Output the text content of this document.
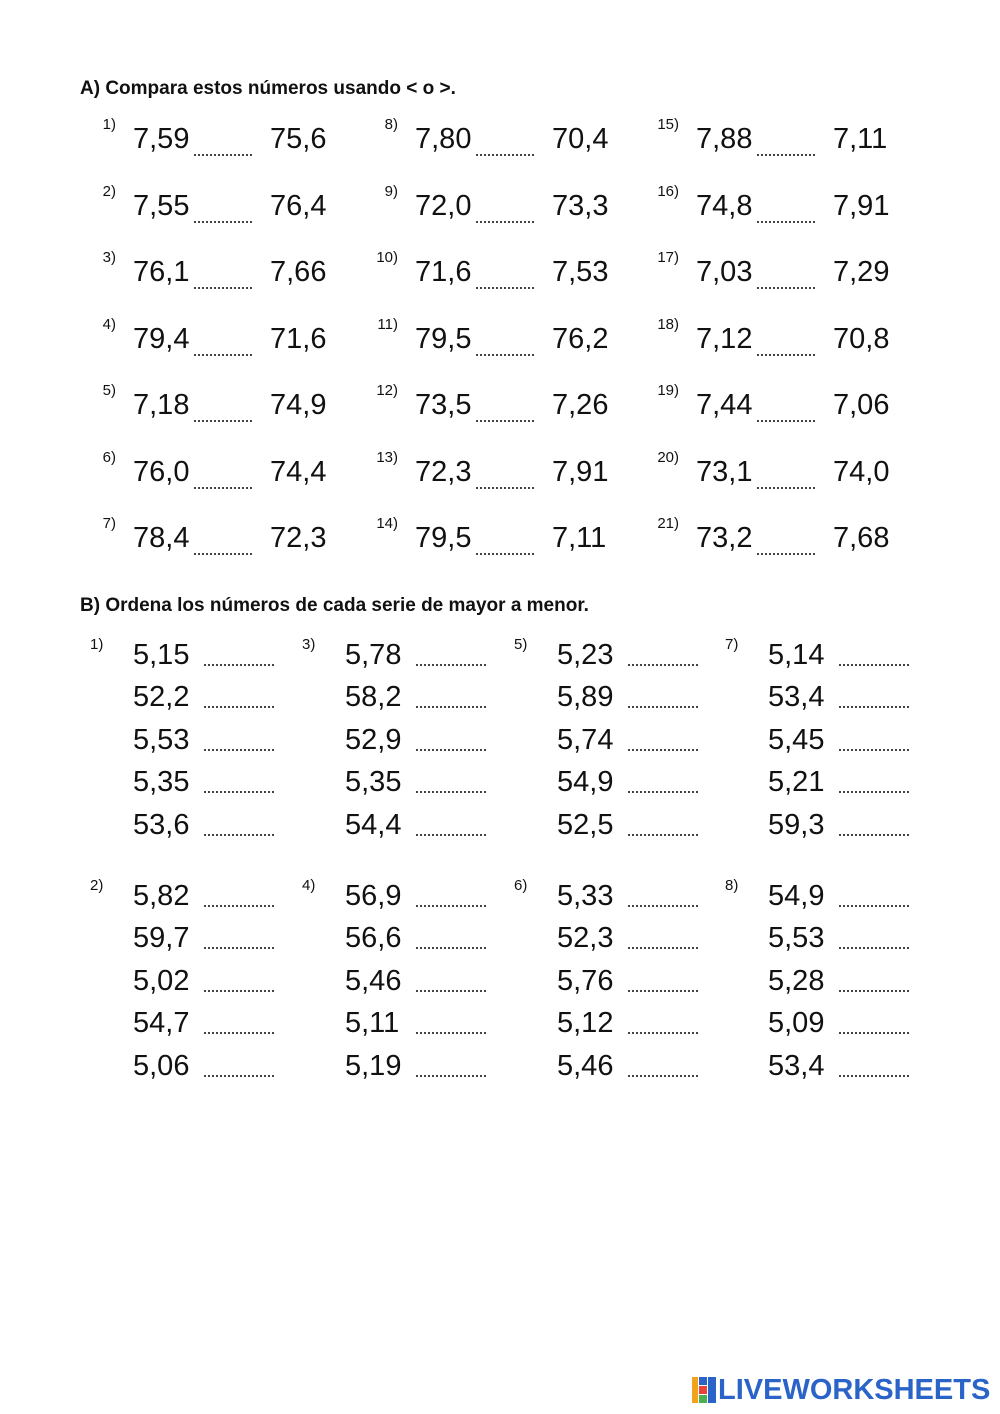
A) Compara estos números usando < o >.
1) 7,59	75,6
2) 7,55	76,4
3) 76,1	7,66
4) 79,4	71,6
5) 7,18	74,9
6) 76,0	74,4
7) 78,4	72,3
8) 7,80	70,4
9) 72,0	73,3
10) 71,6	7,53
11) 79,5	76,2
12) 73,5	7,26
13) 72,3	7,91
14) 79,5	7,11
15) 7,88	7,11
16) 74,8	7,91
17) 7,03	7,29
18) 7,12	70,8
19) 7,44	7,06
20) 73,1	74,0
21) 73,2	7,68
B) Ordena los números de cada serie de mayor a menor.
1) 5,15
52,2
5,53
5,35
53,6
3) 5,78
58,2
52,9
5,35
54,4
5) 5,23
5,89
5,74
54,9
52,5
7) 5,14
53,4
5,45
5,21
59,3
2) 5,82
59,7
5,02
54,7
5,06
4) 56,9
56,6
5,46
5,11
5,19
6) 5,33
52,3
5,76
5,12
5,46
8) 54,9
5,53
5,28
5,09
53,4
LIVEWORKSHEETS
